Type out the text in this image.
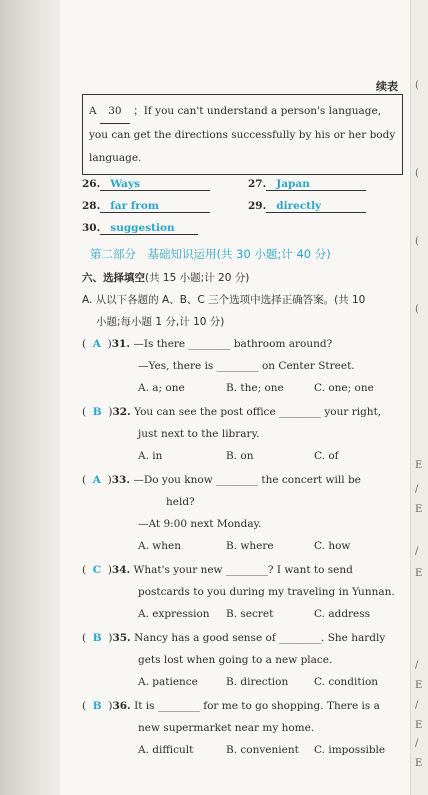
(
(
(
(
E
/
E
/
E
/
E
/
E
/
E
续表
A 30 ；If you can't understand a person's language, you can get the directions successfully by his or her body language.
26. Ways	27. Japan
28. far from	29. directly
30. suggestion
第二部分　基础知识运用(共 30 小题;计 40 分)
六、选择填空(共 15 小题;计 20 分)
A. 从以下各题的 A、B、C 三个选项中选择正确答案。(共 10
小题;每小题 1 分,计 10 分)
(  A  )31. —Is there ________ bathroom around?
—Yes, there is ________ on Center Street.
A. a; one	B. the; one	C. one; one
(  B  )32. You can see the post office ________ your right,
just next to the library.
A. in	B. on	C. of
(  A  )33. —Do you know ________ the concert will be
held?
—At 9:00 next Monday.
A. when	B. where	C. how
(  C  )34. What's your new ________? I want to send
postcards to you during my traveling in Yunnan.
A. expression B. secret	C. address
(  B  )35. Nancy has a good sense of ________. She hardly
gets lost when going to a new place.
A. patience	B. direction C. condition
(  B  )36. It is ________ for me to go shopping. There is a
new supermarket near my home.
A. difficult	B. convenient C. impossible
